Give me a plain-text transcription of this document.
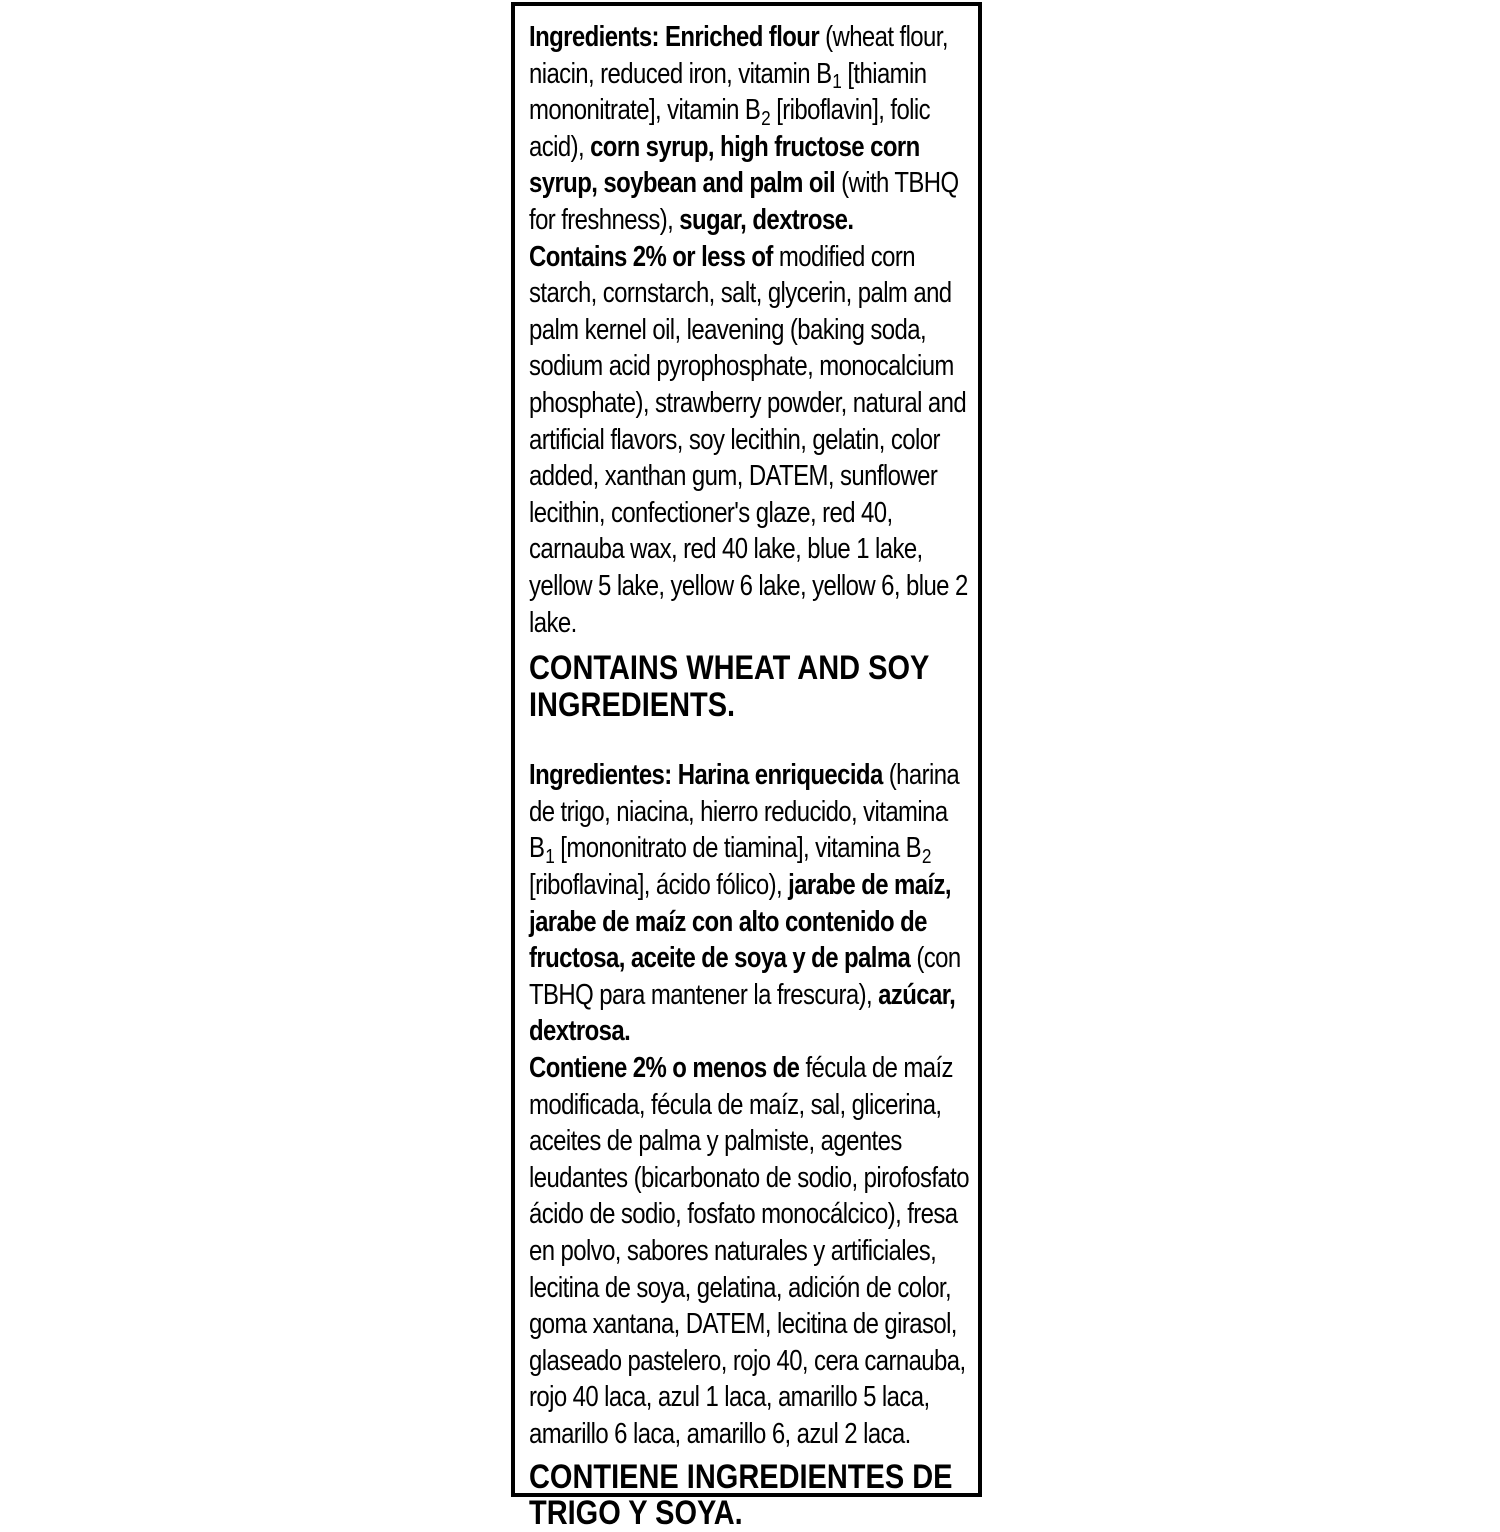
Ingredients: Enriched flour (wheat flour, niacin, reduced iron, vitamin $B_1$ [thiamin mononitrate], vitamin $B_2$ [riboflavin], folic acid), corn syrup, high fructose corn syrup, soybean and palm oil (with TBHQ for freshness), sugar, dextrose.

Contains 2% or less of modified corn starch, cornstarch, salt, glycerin, palm and palm kernel oil, leavening (baking soda, sodium acid pyrophosphate, monocalcium phosphate), strawberry powder, natural and artificial flavors, soy lecithin, gelatin, color added, xanthan gum, DATEM, sunflower lecithin, confectioner's glaze, red 40, carnauba wax, red 40 lake, blue 1 lake, yellow 5 lake, yellow 6 lake, yellow 6, blue 2 lake.

CONTAINS WHEAT AND SOY INGREDIENTS.

Ingredientes: Harina enriquecida (harina de trigo, niacina, hierro reducido, vitamina $B_1$ [mononitrato de tiamina], vitamina $B_2$ [riboflavina], ácido fólico), jarabe de maíz, jarabe de maíz con alto contenido de fructosa, aceite de soya y de palma (con TBHQ para mantener la frescura), azúcar, dextrosa.

Contiene 2% o menos de fécula de maíz modificada, fécula de maíz, sal, glicerina, aceites de palma y palmiste, agentes leudantes (bicarbonato de sodio, pirofosfato ácido de sodio, fosfato monocálcico), fresa en polvo, sabores naturales y artificiales, lecitina de soya, gelatina, adición de color, goma xantana, DATEM, lecitina de girasol, glaseado pastelero, rojo 40, cera carnauba, rojo 40 laca, azul 1 laca, amarillo 5 laca, amarillo 6 laca, amarillo 6, azul 2 laca.

CONTIENE INGREDIENTES DE TRIGO Y SOYA.
